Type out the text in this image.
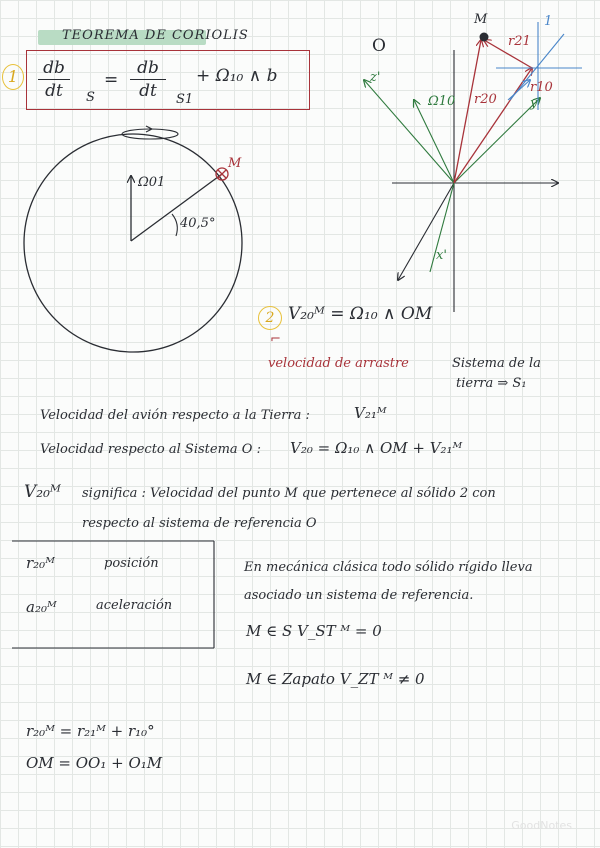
TEOREMA DE CORIOLIS
1	db
dt	S
=
db
dt	S1
+ Ω₁₀ ∧ b
Ω01
40,5°
M
O
M
r21
r20
r10
Ω10
z'
y'
x'
1
2 V₂₀ᴹ = Ω₁₀ ∧ OM
⌐
velocidad de arrastre	Sistema de la
tierra ⇒ S₁
Velocidad del avión respecto a la Tierra :	V₂₁ᴹ
Velocidad respecto al Sistema O : V₂₀ = Ω₁₀ ∧ OM + V₂₁ᴹ
V₂₀ᴹ significa : Velocidad del punto M que pertenece al sólido 2 con
respecto al sistema de referencia O
r₂₀ᴹ	posición
a₂₀ᴹ	aceleración
En mecánica clásica todo sólido rígido lleva
asociado un sistema de referencia.
M ∈ S V_ST ᴹ = 0
M ∈ Zapato V_ZT ᴹ ≠ 0
r₂₀ᴹ = r₂₁ᴹ + r₁₀°
OM = OO₁ + O₁M
GoodNotes
